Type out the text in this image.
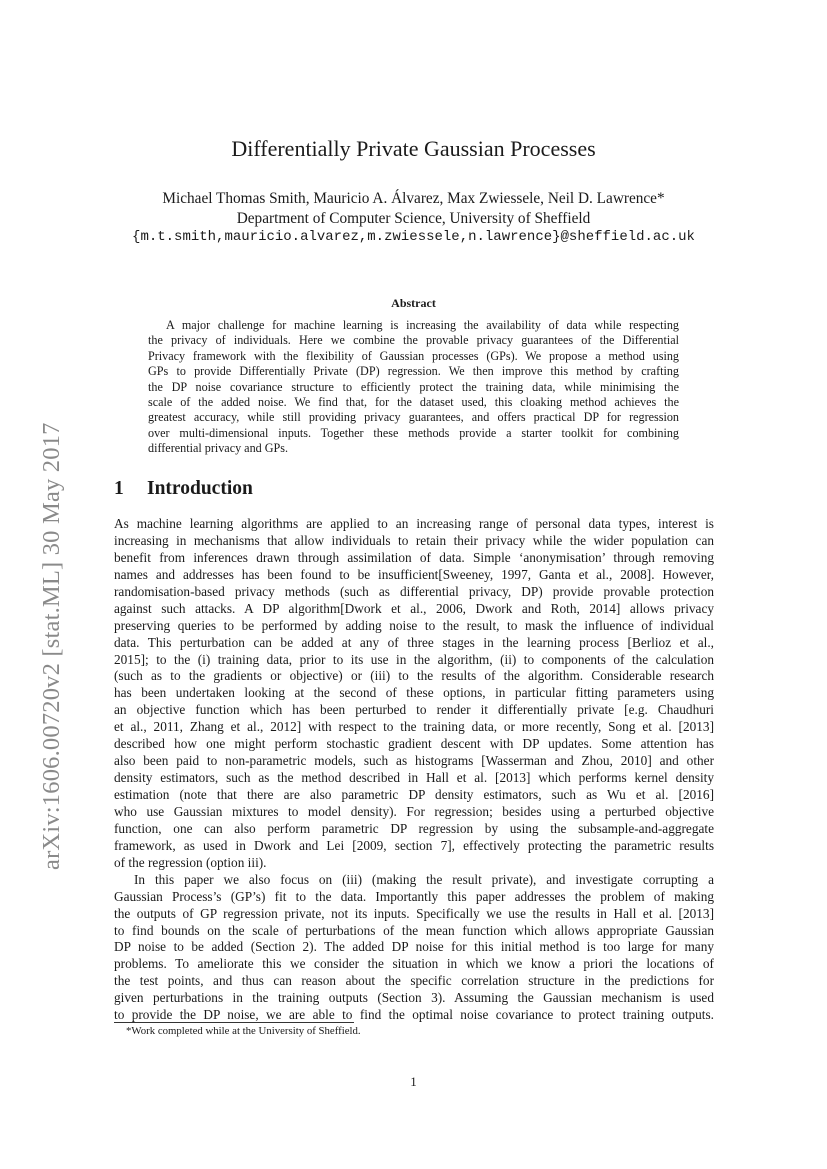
arXiv:1606.00720v2 [stat.ML] 30 May 2017
Differentially Private Gaussian Processes
Michael Thomas Smith, Mauricio A. Álvarez, Max Zwiessele, Neil D. Lawrence*
Department of Computer Science, University of Sheffield
{m.t.smith,mauricio.alvarez,m.zwiessele,n.lawrence}@sheffield.ac.uk
Abstract
A major challenge for machine learning is increasing the availability of data while respecting
the privacy of individuals. Here we combine the provable privacy guarantees of the Differential
Privacy framework with the flexibility of Gaussian processes (GPs). We propose a method using
GPs to provide Differentially Private (DP) regression. We then improve this method by crafting
the DP noise covariance structure to efficiently protect the training data, while minimising the
scale of the added noise. We find that, for the dataset used, this cloaking method achieves the
greatest accuracy, while still providing privacy guarantees, and offers practical DP for regression
over multi-dimensional inputs. Together these methods provide a starter toolkit for combining
differential privacy and GPs.
1 Introduction
As machine learning algorithms are applied to an increasing range of personal data types, interest is
increasing in mechanisms that allow individuals to retain their privacy while the wider population can
benefit from inferences drawn through assimilation of data. Simple ‘anonymisation’ through removing
names and addresses has been found to be insufficient[Sweeney, 1997, Ganta et al., 2008]. However,
randomisation-based privacy methods (such as differential privacy, DP) provide provable protection
against such attacks. A DP algorithm[Dwork et al., 2006, Dwork and Roth, 2014] allows privacy
preserving queries to be performed by adding noise to the result, to mask the influence of individual
data. This perturbation can be added at any of three stages in the learning process [Berlioz et al.,
2015]; to the (i) training data, prior to its use in the algorithm, (ii) to components of the calculation
(such as to the gradients or objective) or (iii) to the results of the algorithm. Considerable research
has been undertaken looking at the second of these options, in particular fitting parameters using
an objective function which has been perturbed to render it differentially private [e.g. Chaudhuri
et al., 2011, Zhang et al., 2012] with respect to the training data, or more recently, Song et al. [2013]
described how one might perform stochastic gradient descent with DP updates. Some attention has
also been paid to non-parametric models, such as histograms [Wasserman and Zhou, 2010] and other
density estimators, such as the method described in Hall et al. [2013] which performs kernel density
estimation (note that there are also parametric DP density estimators, such as Wu et al. [2016]
who use Gaussian mixtures to model density). For regression; besides using a perturbed objective
function, one can also perform parametric DP regression by using the subsample-and-aggregate
framework, as used in Dwork and Lei [2009, section 7], effectively protecting the parametric results
of the regression (option iii).
In this paper we also focus on (iii) (making the result private), and investigate corrupting a
Gaussian Process’s (GP’s) fit to the data. Importantly this paper addresses the problem of making
the outputs of GP regression private, not its inputs. Specifically we use the results in Hall et al. [2013]
to find bounds on the scale of perturbations of the mean function which allows appropriate Gaussian
DP noise to be added (Section 2). The added DP noise for this initial method is too large for many
problems. To ameliorate this we consider the situation in which we know a priori the locations of
the test points, and thus can reason about the specific correlation structure in the predictions for
given perturbations in the training outputs (Section 3). Assuming the Gaussian mechanism is used
to provide the DP noise, we are able to find the optimal noise covariance to protect training outputs.
*Work completed while at the University of Sheffield.
1
